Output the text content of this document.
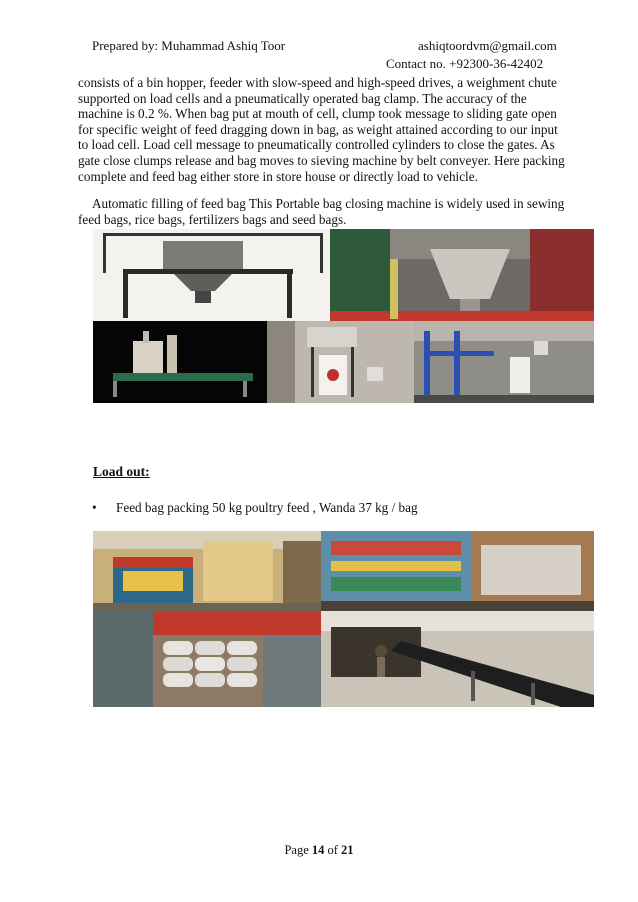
Prepared by: Muhammad Ashiq Toor	ashiqtoordvm@gmail.com
Contact no. +92300-36-42402

consists of a bin hopper, feeder with slow-speed and high-speed drives, a weighment chute

supported on load cells and a pneumatically operated bag clamp. The accuracy of the

machine is 0.2 %. When bag put at mouth of cell, clump took message to sliding gate open

for specific weight of feed dragging down in bag, as weight attained according to our input

to load cell. Load cell message to pneumatically controlled cylinders to close the gates. As

gate close clumps release and bag moves to sieving machine by belt conveyer. Here packing

complete and feed bag either store in store house or directly load to vehicle.

Automatic filling of feed bag This Portable bag closing machine is widely used in sewing

feed bags, rice bags, fertilizers bags and seed bags.

Load out:
• Feed bag packing 50 kg poultry feed , Wanda 37 kg / bag
Page 14 of 21
